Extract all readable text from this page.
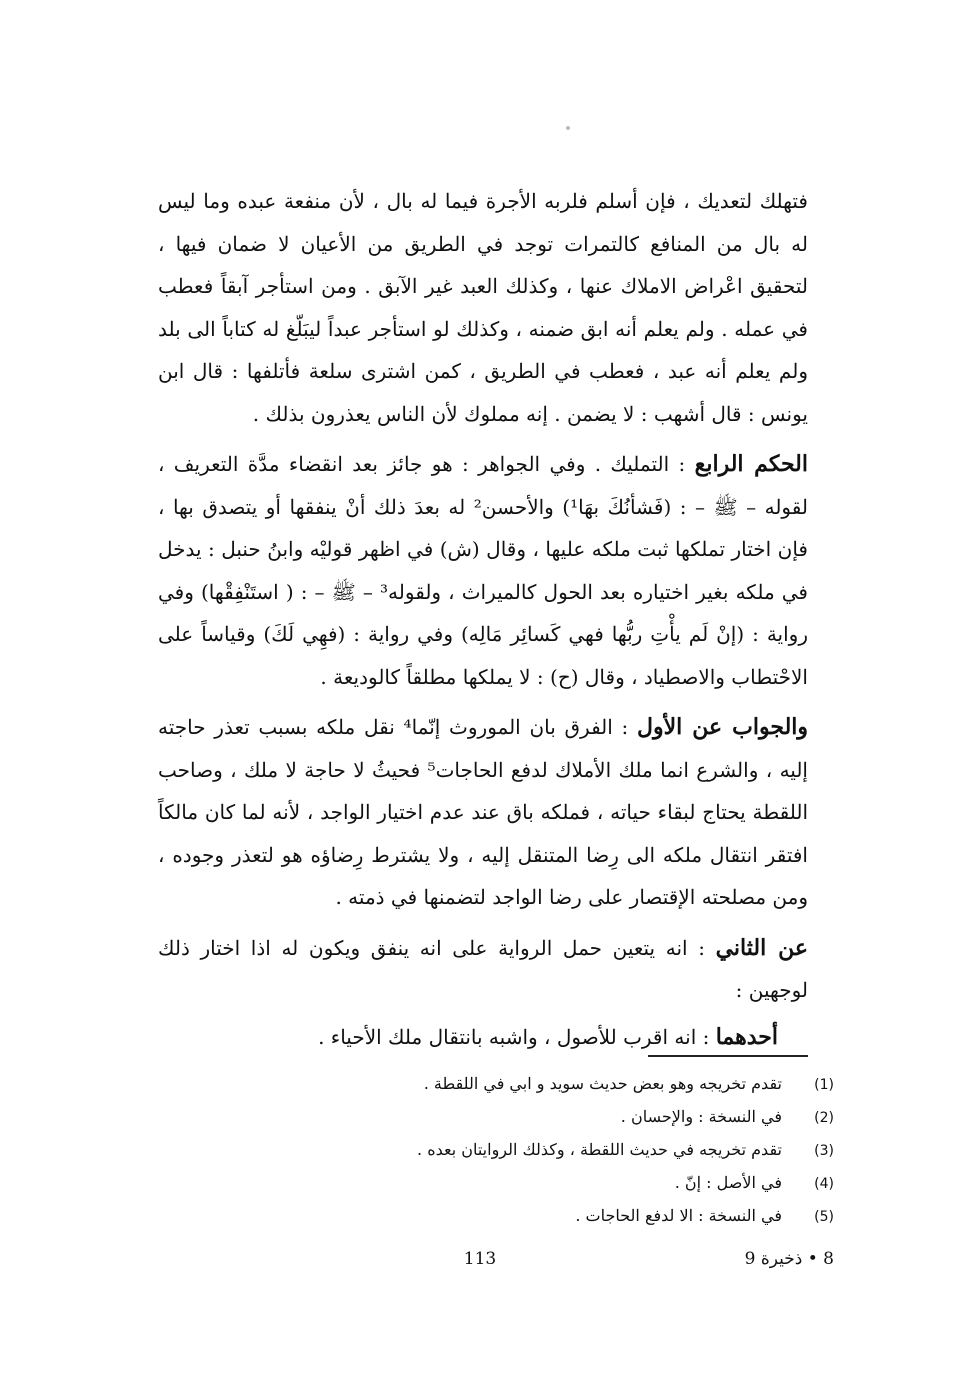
فتهلك لتعديك ، فإن أسلم فلربه الأجرة فيما له بال ، لأن منفعة عبده وما ليس له بال من المنافع كالتمرات توجد في الطريق من الأعيان لا ضمان فيها ، لتحقيق اعْراض الاملاك عنها ، وكذلك العبد غير الآبق . ومن استأجر آبقاً فعطب في عمله . ولم يعلم أنه ابق ضمنه ، وكذلك لو استأجر عبداً ليبَلّغ له كتاباً الى بلد ولم يعلم أنه عبد ، فعطب في الطريق ، كمن اشترى سلعة فأتلفها : قال ابن يونس : قال أشهب : لا يضمن . إنه مملوك لأن الناس يعذرون بذلك .

الحكم الرابع : التمليك . وفي الجواهر : هو جائز بعد انقضاء مدَّة التعريف ، لقوله – ﷺ – : (فَشأنُكَ بهَا¹) والأحسن² له بعدَ ذلك أنْ ينفقها أو يتصدق بها ، فإن اختار تملكها ثبت ملكه عليها ، وقال (ش) في اظهر قوليْه وابنُ حنبل : يدخل في ملكه بغير اختياره بعد الحول كالميراث ، ولقوله³ – ﷺ – : ( استَنْفِقْها) وفي رواية : (إنْ لَم يأْتِ ربُّها فهي كَسائِر مَالِه) وفي رواية : (فهِي لَكَ) وقياساً على الاحْتطاب والاصطياد ، وقال (ح) : لا يملكها مطلقاً كالوديعة .

والجواب عن الأول : الفرق بان الموروث إنّما⁴ نقل ملكه بسبب تعذر حاجته إليه ، والشرع انما ملك الأملاك لدفع الحاجات⁵ فحيثُ لا حاجة لا ملك ، وصاحب اللقطة يحتاج لبقاء حياته ، فملكه باق عند عدم اختيار الواجد ، لأنه لما كان مالكاً افتقر انتقال ملكه الى رِضا المتنقل إليه ، ولا يشترط رِضاؤه هو لتعذر وجوده ، ومن مصلحته الإقتصار على رضا الواجد لتضمنها في ذمته .

عن الثاني : انه يتعين حمل الرواية على انه ينفق ويكون له اذا اختار ذلك لوجهين :

أحدهما : انه اقرب للأصول ، واشبه بانتقال ملك الأحياء .

(1)
تقدم تخريجه وهو بعض حديث سويد و ابي في اللقطة .
(2)
في النسخة : والإحسان .
(3)
تقدم تخريجه في حديث اللقطة ، وكذلك الروايتان بعده .
(4)
في الأصل : إنّ .
(5)
في النسخة : الا لدفع الحاجات .
8 • ذخيرة 9
113
